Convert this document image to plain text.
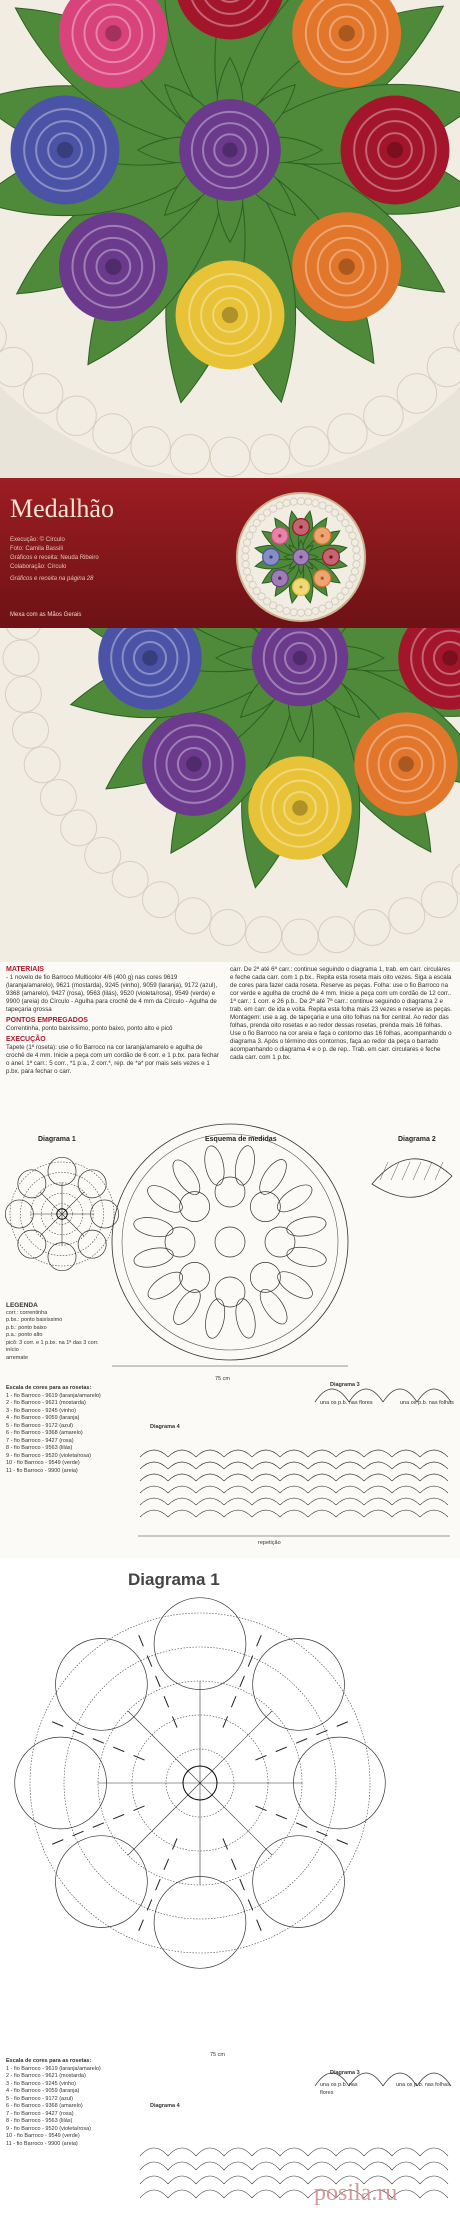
Medalhão
Execução: © Círculo
Foto: Camila Bassili
Gráficos e receita: Neuda Ribeiro
Colaboração: Círculo
Gráficos e receita na página 28
Mexa com as Mãos Gerais
MATERIAIS
- 1 novelo de fio Barroco Multicolor 4/6 (400 g) nas cores 9619 (laranja/amarelo), 9621 (mostarda), 9245 (vinho), 9059 (laranja), 9172 (azul), 9368 (amarelo), 9427 (rosa), 9563 (lilás), 9520 (violeta/rosa), 9549 (verde) e 9900 (areia) do Círculo - Agulha para crochê de 4 mm da Círculo - Agulha de tapeçaria grossa
PONTOS EMPREGADOS
Correntinha, ponto baixíssimo, ponto baixo, ponto alto e picô
EXECUÇÃO
Tapete (1ª roseta): use o fio Barroco na cor laranja/amarelo e agulha de crochê de 4 mm. Inicie a peça com um cordão de 6 corr. e 1 p.bx. para fechar o anel. 1ª carr.: 5 corr., *1 p.a., 2 corr.*, rep. de *a* por mais seis vezes e 1 p.bx. para fechar o carr.
carr. De 2ª até 6ª carr.: continue seguindo o diagrama 1, trab. em carr. circulares e feche cada carr. com 1 p.bx.. Repita esta roseta mais oito vezes. Siga a escala de cores para fazer cada roseta. Reserve as peças. Folha: use o fio Barroco na cor verde e agulha de crochê de 4 mm. Inicie a peça com um cordão de 12 corr.. 1ª carr.: 1 corr. e 26 p.b.. De 2ª até 7ª carr.: continue seguindo o diagrama 2 e trab. em carr. de ida e volta. Repita esta folha mais 23 vezes e reserve as peças. Montagem: use a ag. de tapeçaria e una oito folhas na flor central. Ao redor das folhas, prenda oito rosetas e ao redor dessas rosetas, prenda mais 16 folhas. Use o fio Barroco na cor areia e faça o contorno das 16 folhas, acompanhando o diagrama 3. Após o término dos contornos, faça ao redor da peça o barrado acompanhando o diagrama 4 e o p. de rep.. Trab. em carr. circulares e feche cada carr. com 1 p.bx.
Diagrama 1	Esquema de medidas	Diagrama 2
LEGENDA
corr.: correntinha
p.bx.: ponto baixíssimo
p.b.: ponto baixo
p.a.: ponto alto
picô: 3 corr. e 1 p.bx. na 1ª das 3 corr.
início
arremate
Escala de cores para as rosetas:
1 - fio Barroco - 9619 (laranja/amarelo)
2 - fio Barroco - 9621 (mostarda)
3 - fio Barroco - 9245 (vinho)
4 - fio Barroco - 9059 (laranja)
5 - fio Barroco - 9172 (azul)
6 - fio Barroco - 9368 (amarelo)
7 - fio Barroco - 9427 (rosa)
8 - fio Barroco - 9563 (lilás)
9 - fio Barroco - 9520 (violeta/rosa)
10 - fio Barroco - 9549 (verde)
11 - fio Barroco - 9900 (areia)
75 cm
Diagrama 3
una os p.b. nas flores	una os p.b. nas folhas
Diagrama 4
repetição
Diagrama 1
Escala de cores para as rosetas:
1 - fio Barroco - 9619 (laranja/amarelo)
2 - fio Barroco - 9621 (mostarda)
3 - fio Barroco - 9245 (vinho)
4 - fio Barroco - 9059 (laranja)
5 - fio Barroco - 9172 (azul)
6 - fio Barroco - 9368 (amarelo)
7 - fio Barroco - 9427 (rosa)
8 - fio Barroco - 9563 (lilás)
9 - fio Barroco - 9520 (violeta/rosa)
10 - fio Barroco - 9549 (verde)
11 - fio Barroco - 9900 (areia)
Diagrama 3
75 cm
una os p.b. nas flores
una os p.b. nas folhas
Diagrama 4
posila.ru
